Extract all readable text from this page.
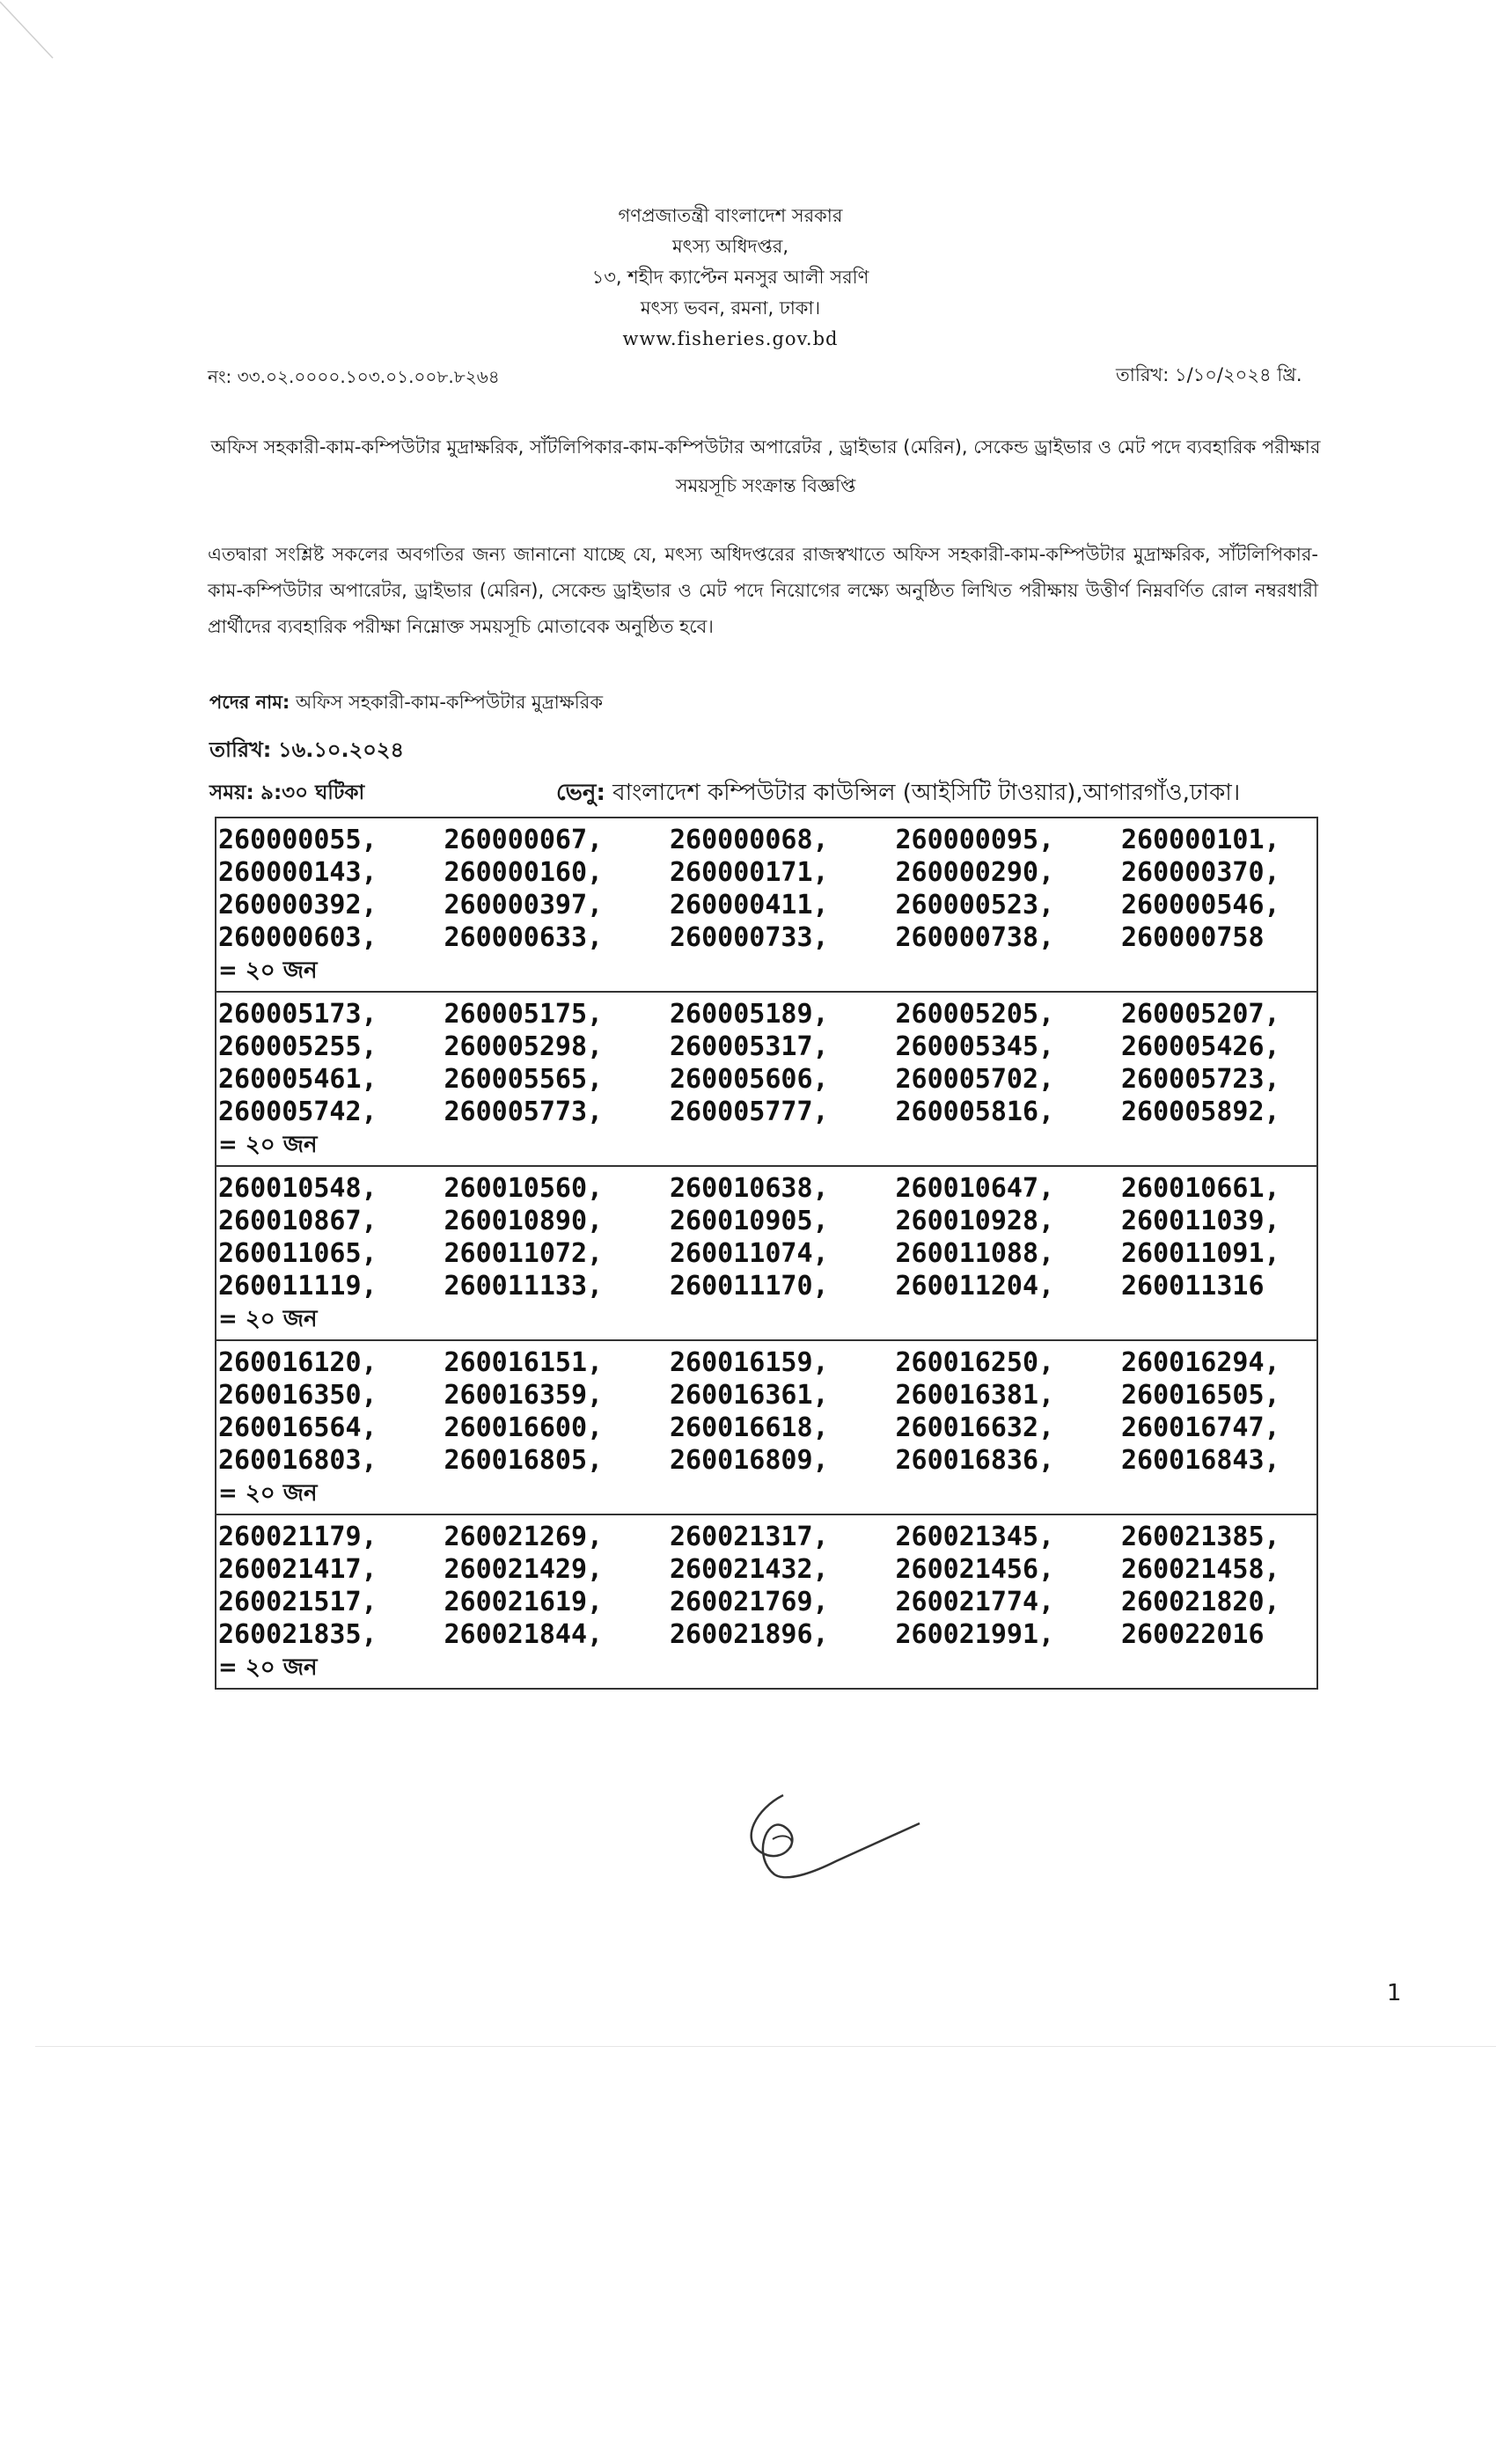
গণপ্রজাতন্ত্রী বাংলাদেশ সরকার
মৎস্য অধিদপ্তর,
১৩, শহীদ ক্যাপ্টেন মনসুর আলী সরণি
মৎস্য ভবন, রমনা, ঢাকা।
www.fisheries.gov.bd
নং: ৩৩.০২.০০০০.১০৩.০১.০০৮.৮২৬৪	তারিখ: ১/১০/২০২৪ খ্রি.
অফিস সহকারী-কাম-কম্পিউটার মুদ্রাক্ষরিক, সাঁটলিপিকার-কাম-কম্পিউটার অপারেটর , ড্রাইভার (মেরিন), সেকেন্ড ড্রাইভার ও মেট পদে ব্যবহারিক পরীক্ষার সময়সূচি সংক্রান্ত বিজ্ঞপ্তি
এতদ্বারা সংশ্লিষ্ট সকলের অবগতির জন্য জানানো যাচ্ছে যে, মৎস্য অধিদপ্তরের রাজস্বখাতে অফিস সহকারী-কাম-কম্পিউটার মুদ্রাক্ষরিক, সাঁটলিপিকার-কাম-কম্পিউটার অপারেটর, ড্রাইভার (মেরিন), সেকেন্ড ড্রাইভার ও মেট পদে নিয়োগের লক্ষ্যে অনুষ্ঠিত লিখিত পরীক্ষায় উত্তীর্ণ নিম্নবর্ণিত রোল নম্বরধারী প্রার্থীদের ব্যবহারিক পরীক্ষা নিম্নোক্ত সময়সূচি মোতাবেক অনুষ্ঠিত হবে।
পদের নাম: অফিস সহকারী-কাম-কম্পিউটার মুদ্রাক্ষরিক
তারিখ: ১৬.১০.২০২৪
সময়: ৯:৩০ ঘটিকা	ভেনু: বাংলাদেশ কম্পিউটার কাউন্সিল (আইসিটি টাওয়ার),আগারগাঁও,ঢাকা।
260000055,	260000067,	260000068,	260000095,	260000101,
260000143,	260000160,	260000171,	260000290,	260000370,
260000392,	260000397,	260000411,	260000523,	260000546,
260000603,	260000633,	260000733,	260000738,	260000758
= ২০ জন

260005173,	260005175,	260005189,	260005205,	260005207,
260005255,	260005298,	260005317,	260005345,	260005426,
260005461,	260005565,	260005606,	260005702,	260005723,
260005742,	260005773,	260005777,	260005816,	260005892,
= ২০ জন

260010548,	260010560,	260010638,	260010647,	260010661,
260010867,	260010890,	260010905,	260010928,	260011039,
260011065,	260011072,	260011074,	260011088,	260011091,
260011119,	260011133,	260011170,	260011204,	260011316
= ২০ জন

260016120,	260016151,	260016159,	260016250,	260016294,
260016350,	260016359,	260016361,	260016381,	260016505,
260016564,	260016600,	260016618,	260016632,	260016747,
260016803,	260016805,	260016809,	260016836,	260016843,
= ২০ জন

260021179,	260021269,	260021317,	260021345,	260021385,
260021417,	260021429,	260021432,	260021456,	260021458,
260021517,	260021619,	260021769,	260021774,	260021820,
260021835,	260021844,	260021896,	260021991,	260022016
= ২০ জন
1
